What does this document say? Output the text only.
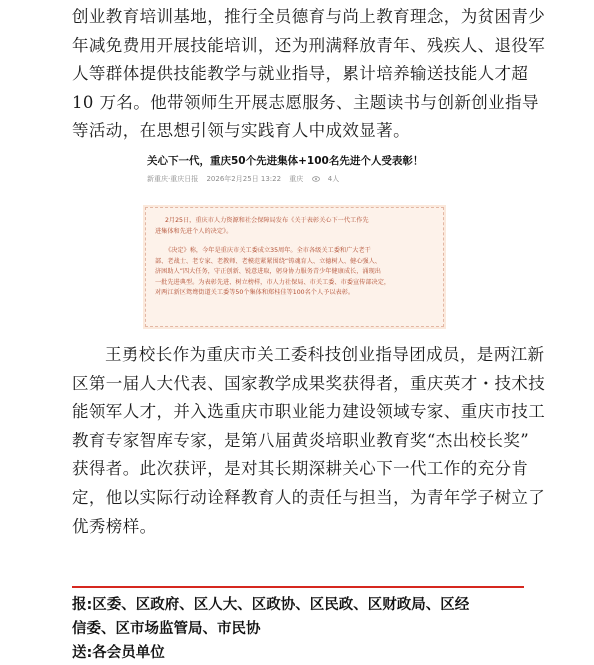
创业教育培训基地，推行全员德育与尚上教育理念，为贫困青少
年减免费用开展技能培训，还为刑满释放青年、残疾人、退役军
人等群体提供技能教学与就业指导，累计培养输送技能人才超
10 万名。他带领师生开展志愿服务、主题读书与创新创业指导
等活动，在思想引领与实践育人中成效显著。
关心下一代，重庆50个先进集体+100名先进个人受表彰！
新重庆·重庆日报 2026年2月25日 13:22 重庆	4人
2月25日，重庆市人力资源和社会保障局发布《关于表彰关心下一代工作先
进集体和先进个人的决定》。
《决定》称，今年是重庆市关工委成立35周年。全市各级关工委和广大老干
部、老战士、老专家、老教师、老模范紧紧围绕“铸魂育人、立德树人、健心强人、
济困助人”四大任务，守正创新、锐意进取，躬身协力服务青少年健康成长，涌现出
一批先进典型。为表彰先进、树立榜样，市人力社保局、市关工委、市委宣传部决定，
对两江新区鸳鸯街道关工委等50个集体和郑桂佳等100名个人予以表彰。
王勇校长作为重庆市关工委科技创业指导团成员，是两江新
区第一届人大代表、国家教学成果奖获得者，重庆英才・技术技
能领军人才，并入选重庆市职业能力建设领域专家、重庆市技工
教育专家智库专家，是第八届黄炎培职业教育奖“杰出校长奖”
获得者。此次获评，是对其长期深耕关心下一代工作的充分肯
定，他以实际行动诠释教育人的责任与担当，为青年学子树立了
优秀榜样。
报:区委、区政府、区人大、区政协、区民政、区财政局、区经
信委、区市场监管局、市民协
送:各会员单位
